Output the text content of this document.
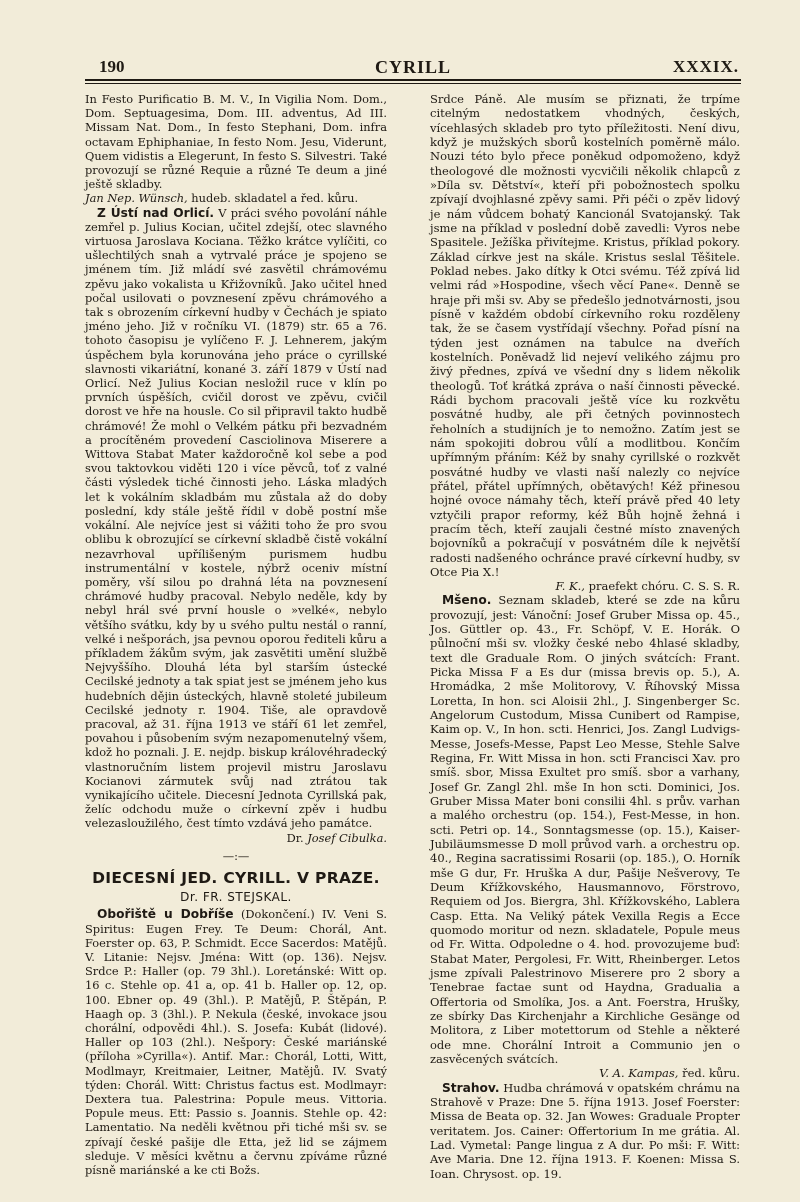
190	CYRILL	XXXIX.

In Festo Purificatio B. M. V., In Vigilia Nom. Dom., Dom. Septuagesima, Dom. III. adventus, Ad III. Missam Nat. Dom., In festo Stephani, Dom. infra octavam Ephiphaniae, In festo Nom. Jesu, Viderunt, Quem vidistis a Elegerunt, In festo S. Silvestri. Také provozují se různé Requie a různé Te deum a jiné ještě skladby.

Jan Nep. Wünsch, hudeb. skladatel a řed. kůru.

Z Ústí nad Orlicí. V práci svého povolání náhle zemřel p. Julius Kocian, učitel zdejší, otec slavného virtuosa Jaroslava Kociana. Těžko krátce vylíčiti, co ušlechtilých snah a vytrvalé práce je spojeno se jménem tím. Již mládí své zasvětil chrámovému zpěvu jako vokalista u Křižovníků. Jako učitel hned počal usilovati o povznesení zpěvu chrámového a tak s obrozením církevní hudby v Čechách je spiato jméno jeho. Již v ročníku VI. (1879) str. 65 a 76. tohoto časopisu je vylíčeno F. J. Lehnerem, jakým úspěchem byla korunována jeho práce o cyrillské slavnosti vikariátní, konané 3. září 1879 v Ústí nad Orlicí. Než Julius Kocian nesložil ruce v klín po prvních úspěších, cvičil dorost ve zpěvu, cvičil dorost ve hře na housle. Co sil připravil takto hudbě chrámové! Že mohl o Velkém pátku při bezvadném a procítěném provedení Casciolinova Miserere a Wittova Stabat Mater každoročně kol sebe a pod svou taktovkou viděti 120 i více pěvců, toť z valné části výsledek tiché činnosti jeho. Láska mladých let k vokálním skladbám mu zůstala až do doby poslední, kdy stále ještě řídil v době postní mše vokální. Ale nejvíce jest si vážiti toho že pro svou oblibu k obrozující se církevní skladbě čistě vokální nezavrhoval upřílišeným purismem hudbu instrumentální v kostele, nýbrž oceniv místní poměry, vší silou po drahná léta na povznesení chrámové hudby pracoval. Nebylo neděle, kdy by nebyl hrál své první housle o »velké«, nebylo většího svátku, kdy by u svého pultu nestál o ranní, velké i nešporách, jsa pevnou oporou řediteli kůru a příkladem žákům svým, jak zasvětiti umění službě Nejvyššího. Dlouhá léta byl starším ústecké Cecilské jednoty a tak spiat jest se jménem jeho kus hudebních dějin ústeckých, hlavně stoleté jubileum Cecilské jednoty r. 1904. Tiše, ale opravdově pracoval, až 31. října 1913 ve stáří 61 let zemřel, povahou i působením svým nezapomenutelný všem, kdož ho poznali. J. E. nejdp. biskup královéhradecký vlastnoručním listem projevil mistru Jaroslavu Kocianovi zármutek svůj nad ztrátou tak vynikajícího učitele. Diecesní Jednota Cyrillská pak, želíc odchodu muže o církevní zpěv i hudbu velezasloužilého, čest tímto vzdává jeho památce.

Dr. Josef Cibulka.

—:—
DIECESNÍ JED. CYRILL. V PRAZE.
Dr. FR. STEJSKAL.

Obořiště u Dobříše (Dokončení.) IV. Veni S. Spiritus: Eugen Frey. Te Deum: Chorál, Ant. Foerster op. 63, P. Schmidt. Ecce Sacerdos: Matějů. V. Litanie: Nejsv. Jména: Witt (op. 136). Nejsv. Srdce P.: Haller (op. 79 3hl.). Loretánské: Witt op. 16 c. Stehle op. 41 a, op. 41 b. Haller op. 12, op. 100. Ebner op. 49 (3hl.). P. Matějů, P. Štěpán, P. Haagh op. 3 (3hl.). P. Nekula (české, invokace jsou chorální, odpovědi 4hl.). S. Josefa: Kubát (lidové). Haller op 103 (2hl.). Nešpory: České mariánské (příloha »Cyrilla«). Antif. Mar.: Chorál, Lotti, Witt, Modlmayr, Kreitmaier, Leitner, Matějů. IV. Svatý týden: Chorál. Witt: Christus factus est. Modlmayr: Dextera tua. Palestrina: Popule meus. Vittoria. Popule meus. Ett: Passio s. Joannis. Stehle op. 42: Lamentatio. Na neděli květnou při tiché mši sv. se zpívají české pašije dle Etta, jež lid se zájmem sleduje. V měsíci květnu a červnu zpíváme různé písně mariánské a ke cti Božs.

Srdce Páně. Ale musím se přiznati, že trpíme citelným nedostatkem vhodných, českých, vícehlasých skladeb pro tyto příležitosti. Není divu, když je mužských sborů kostelních poměrně málo. Nouzi této bylo přece poněkud odpomoženo, když theologové dle možnosti vycvičili několik chlapců z »Díla sv. Dětství«, kteří při pobožnostech spolku zpívají dvojhlasné zpěvy sami. Při péči o zpěv lidový je nám vůdcem bohatý Kancionál Svatojanský. Tak jsme na příklad v poslední době zavedli: Vyros nebe Spasitele. Ježíška přivítejme. Kristus, příklad pokory. Základ církve jest na skále. Kristus seslal Těšitele. Poklad nebes. Jako dítky k Otci svému. Též zpívá lid velmi rád »Hospodine, všech věcí Pane«. Denně se hraje při mši sv. Aby se předešlo jednotvárnosti, jsou písně v každém období církevního roku rozděleny tak, že se časem vystřídají všechny. Pořad písní na týden jest oznámen na tabulce na dveřích kostelních. Poněvadž lid nejeví velikého zájmu pro živý přednes, zpívá ve všední dny s lidem několik theologů. Toť krátká zpráva o naší činnosti pěvecké. Rádi bychom pracovali ještě více ku rozkvětu posvátné hudby, ale při četných povinnostech řeholních a studijních je to nemožno. Zatím jest se nám spokojiti dobrou vůlí a modlitbou. Končím upřímným přáním: Kéž by snahy cyrillské o rozkvět posvátné hudby ve vlasti naší nalezly co nejvíce přátel, přátel upřímných, obětavých! Kéž přinesou hojné ovoce námahy těch, kteří právě před 40 lety vztyčili prapor reformy, kéž Bůh hojně žehná i pracím těch, kteří zaujali čestné místo znavených bojovníků a pokračují v posvátném díle k největší radosti nadšeného ochránce pravé církevní hudby, sv Otce Pia X.!

F. K., praefekt chóru. C. S. S. R.

Mšeno. Seznam skladeb, které se zde na kůru provozují, jest: Vánoční: Josef Gruber Missa op. 45., Jos. Güttler op. 43., Fr. Schöpf, V. E. Horák. O půlnoční mši sv. vložky české nebo 4hlasé skladby, text dle Graduale Rom. O jiných svátcích: Frant. Picka Missa F a Es dur (missa brevis op. 5.), A. Hromádka, 2 mše Molitorovy, V. Říhovský Missa Loretta, In hon. sci Aloisii 2hl., J. Singenberger Sc. Angelorum Custodum, Missa Cunibert od Rampise, Kaim op. V., In hon. scti. Henrici, Jos. Zangl Ludvigs-Messe, Josefs-Messe, Papst Leo Messe, Stehle Salve Regina, Fr. Witt Missa in hon. scti Francisci Xav. pro smíš. sbor, Missa Exultet pro smíš. sbor a varhany, Josef Gr. Zangl 2hl. mše In hon scti. Dominici, Jos. Gruber Missa Mater boni consilii 4hl. s prův. varhan a malého orchestru (op. 154.), Fest-Messe, in hon. scti. Petri op. 14., Sonntagsmesse (op. 15.), Kaiser-Jubiläumsmesse D moll průvod varh. a orchestru op. 40., Regina sacratissimi Rosarii (op. 185.), O. Horník mše G dur, Fr. Hruška A dur, Pašije Nešverovy, Te Deum Křížkovského, Hausmannovo, Förstrovo, Requiem od Jos. Biergra, 3hl. Křížkovského, Lablera Casp. Etta. Na Veliký pátek Vexilla Regis a Ecce quomodo moritur od nezn. skladatele, Popule meus od Fr. Witta. Odpoledne o 4. hod. provozujeme buď: Stabat Mater, Pergolesi, Fr. Witt, Rheinberger. Letos jsme zpívali Palestrinovo Miserere pro 2 sbory a Tenebrae factae sunt od Haydna, Gradualia a Offertoria od Smolíka, Jos. a Ant. Foerstra, Hrušky, ze sbírky Das Kirchenjahr a Kirchliche Gesänge od Molitora, z Liber motettorum od Stehle a některé ode mne. Chorální Introit a Communio jen o zasvěcených svátcích.

V. A. Kampas, řed. kůru.

Strahov. Hudba chrámová v opatském chrámu na Strahově v Praze: Dne 5. října 1913. Josef Foerster: Missa de Beata op. 32. Jan Wowes: Graduale Propter veritatem. Jos. Cainer: Offertorium In me grátia. Al. Lad. Vymetal: Pange lingua z A dur. Po mši: F. Witt: Ave Maria. Dne 12. října 1913. F. Koenen: Missa S. Ioan. Chrysost. op. 19.
